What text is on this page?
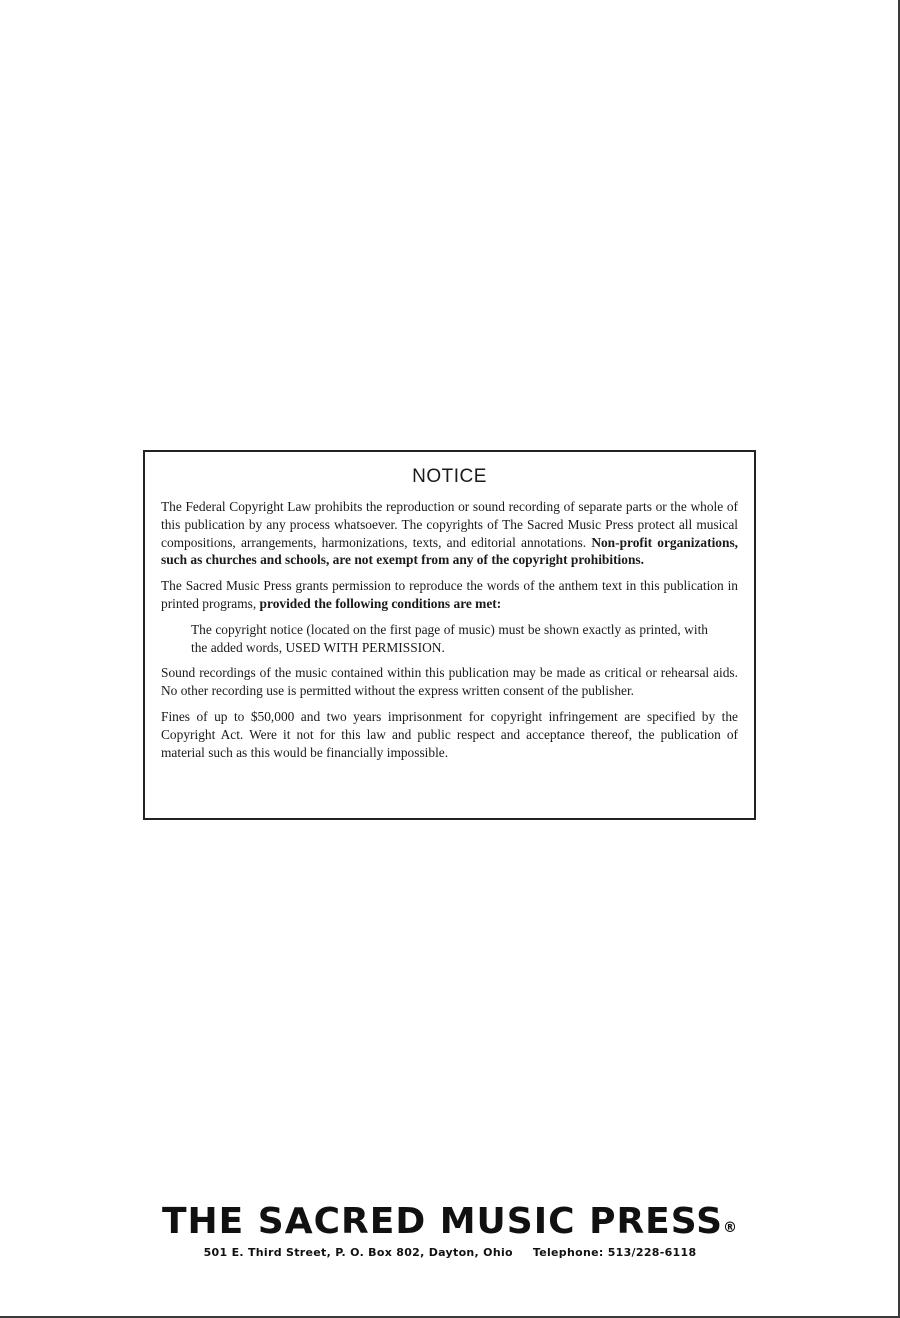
NOTICE

The Federal Copyright Law prohibits the reproduction or sound recording of separate parts or the whole of this publication by any process whatsoever. The copyrights of The Sacred Music Press protect all musical compositions, arrangements, harmonizations, texts, and editorial annotations. Non-profit organizations, such as churches and schools, are not exempt from any of the copyright prohibitions.

The Sacred Music Press grants permission to reproduce the words of the anthem text in this publication in printed programs, provided the following conditions are met:

The copyright notice (located on the first page of music) must be shown exactly as printed, with the added words, USED WITH PERMISSION.

Sound recordings of the music contained within this publication may be made as critical or rehearsal aids. No other recording use is permitted without the express written consent of the publisher.

Fines of up to $50,000 and two years imprisonment for copyright infringement are specified by the Copyright Act. Were it not for this law and public respect and acceptance thereof, the publication of material such as this would be financially impossible.

THE SACRED MUSIC PRESS®
501 E. Third Street, P. O. Box 802, Dayton, Ohio Telephone: 513/228-6118
